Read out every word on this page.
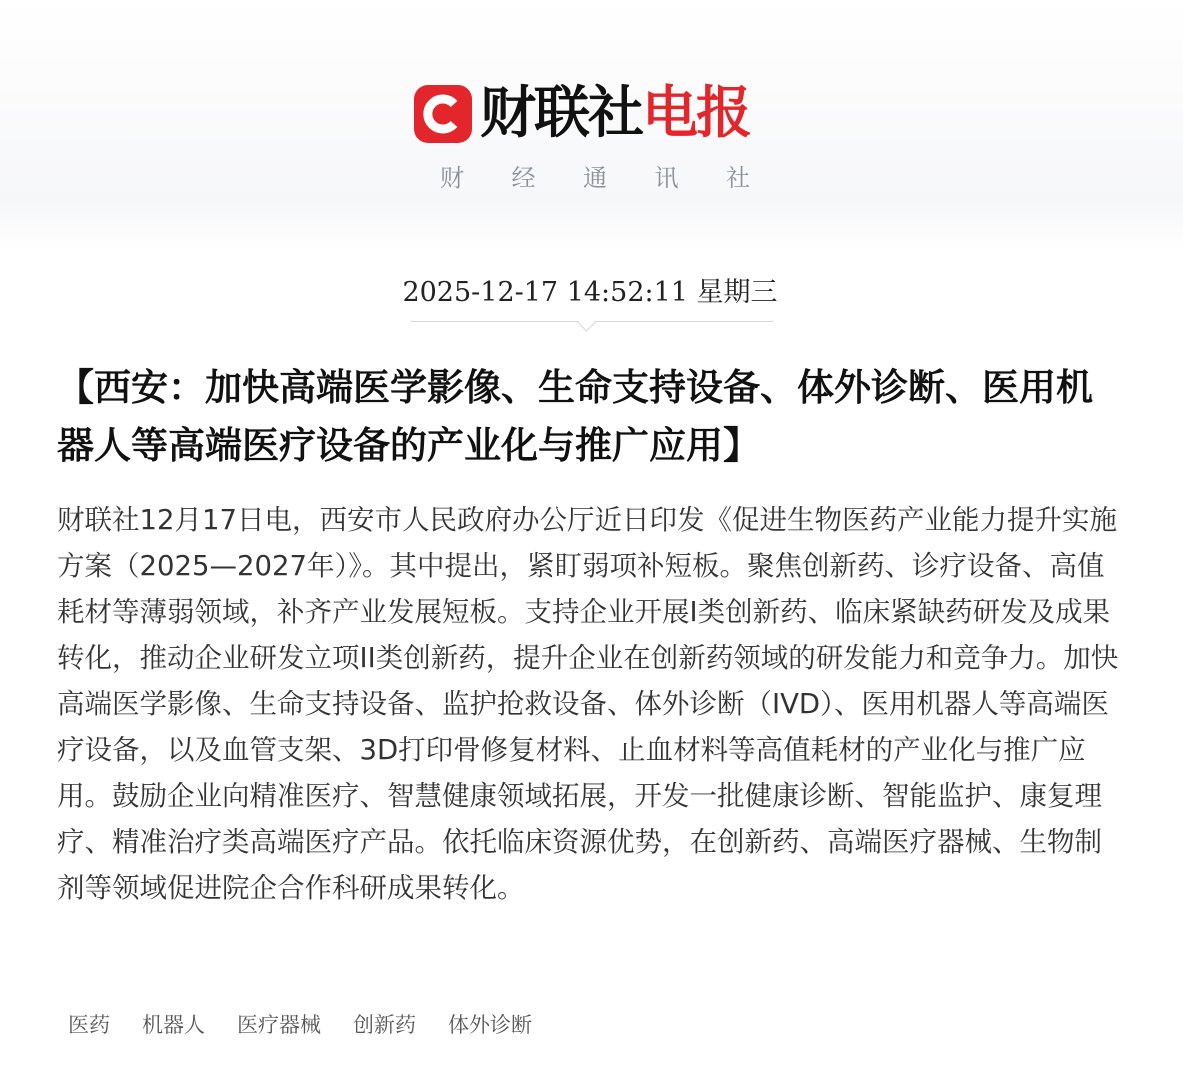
财联社电报
财 经 通 讯 社
2025-12-17 14:52:11 星期三
【西安：加快高端医学影像、生命支持设备、体外诊断、医用机器人等高端医疗设备的产业化与推广应用】

财联社12月17日电，西安市人民政府办公厅近日印发《促进生物医药产业能力提升实施方案（2025—2027年）》。其中提出，紧盯弱项补短板。聚焦创新药、诊疗设备、高值耗材等薄弱领域，补齐产业发展短板。支持企业开展I类创新药、临床紧缺药研发及成果转化，推动企业研发立项II类创新药，提升企业在创新药领域的研发能力和竞争力。加快高端医学影像、生命支持设备、监护抢救设备、体外诊断（IVD）、医用机器人等高端医疗设备，以及血管支架、3D打印骨修复材料、止血材料等高值耗材的产业化与推广应用。鼓励企业向精准医疗、智慧健康领域拓展，开发一批健康诊断、智能监护、康复理疗、精准治疗类高端医疗产品。依托临床资源优势，在创新药、高端医疗器械、生物制剂等领域促进院企合作科研成果转化。

医药 机器人 医疗器械 创新药 体外诊断
